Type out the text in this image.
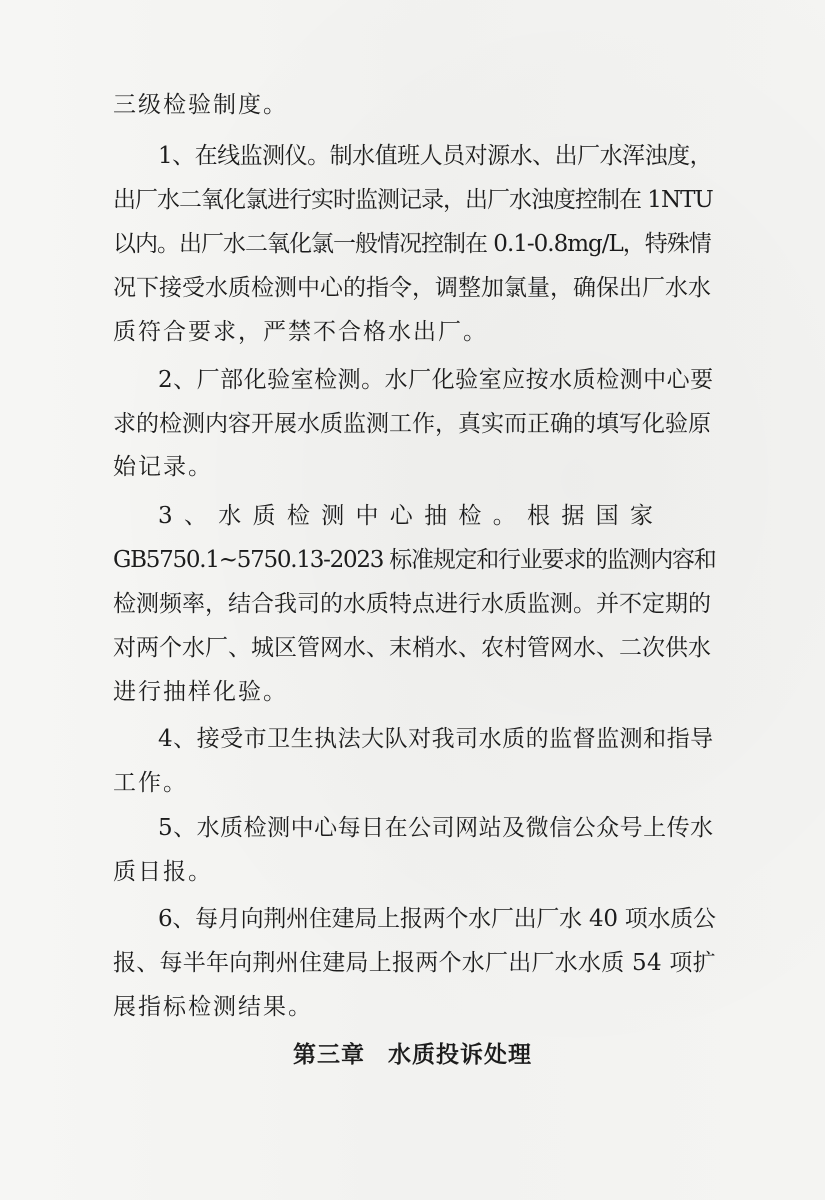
三级检验制度。
1、在线监测仪。制水值班人员对源水、出厂水浑浊度，
出厂水二氧化氯进行实时监测记录，出厂水浊度控制在 1NTU
以内。出厂水二氧化氯一般情况控制在 0.1-0.8mg/L，特殊情
况下接受水质检测中心的指令，调整加氯量，确保出厂水水
质符合要求，严禁不合格水出厂。
2、厂部化验室检测。水厂化验室应按水质检测中心要
求的检测内容开展水质监测工作，真实而正确的填写化验原
始记录。
3 、 水 质 检 测 中 心 抽 检 。 根 据 国 家
GB5750.1~5750.13-2023 标准规定和行业要求的监测内容和
检测频率，结合我司的水质特点进行水质监测。并不定期的
对两个水厂、城区管网水、末梢水、农村管网水、二次供水
进行抽样化验。
4、接受市卫生执法大队对我司水质的监督监测和指导
工作。
5、水质检测中心每日在公司网站及微信公众号上传水
质日报。
6、每月向荆州住建局上报两个水厂出厂水 40 项水质公
报、每半年向荆州住建局上报两个水厂出厂水水质 54 项扩
展指标检测结果。
第三章 水质投诉处理
